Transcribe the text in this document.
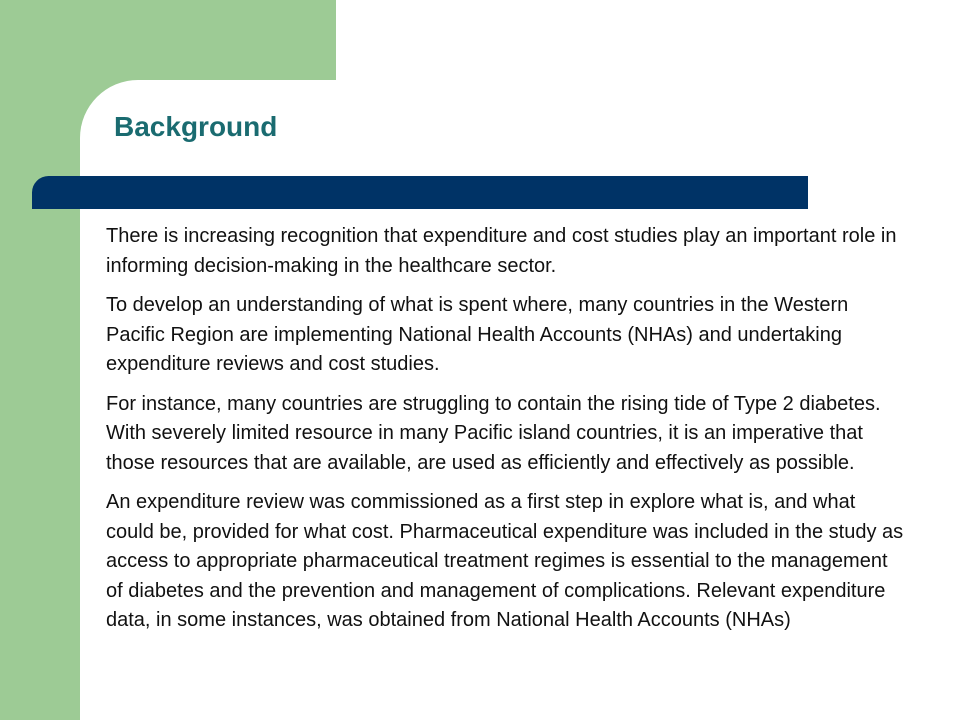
Background

There is increasing recognition that expenditure and cost studies play an important role in informing decision-making in the healthcare sector.

To develop an understanding of what is spent where, many countries in the Western Pacific Region are implementing National Health Accounts (NHAs) and undertaking expenditure reviews and cost studies.

For instance, many countries are struggling to contain the rising tide of Type 2 diabetes. With severely limited resource in many Pacific island countries, it is an imperative that those resources that are available, are used as efficiently and effectively as possible.

An expenditure review was commissioned as a first step in explore what is, and what could be, provided for what cost. Pharmaceutical expenditure was included in the study as access to appropriate pharmaceutical treatment regimes is essential to the management of diabetes and the prevention and management of complications. Relevant expenditure data, in some instances, was obtained from National Health Accounts (NHAs)
